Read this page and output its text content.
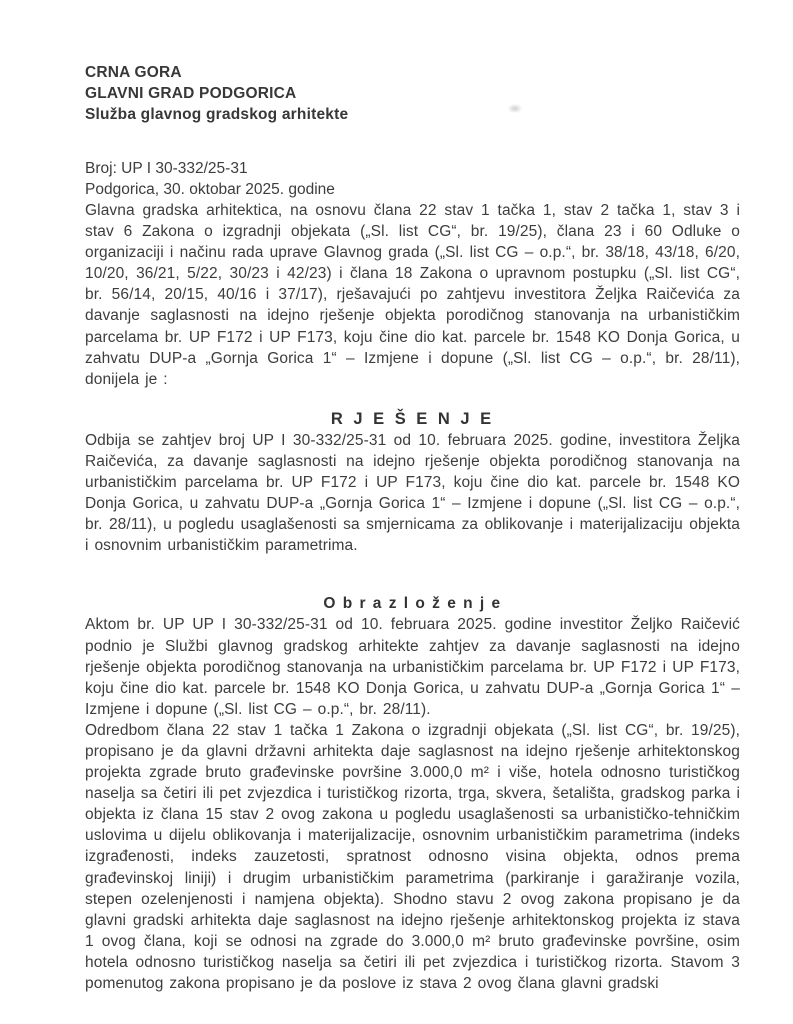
CRNA GORA
GLAVNI GRAD PODGORICA
Služba glavnog gradskog arhitekte
Broj: UP I 30-332/25-31
Podgorica, 30. oktobar 2025. godine

Glavna gradska arhitektica, na osnovu člana 22 stav 1 tačka 1, stav 2 tačka 1, stav 3 i stav 6 Zakona o izgradnji objekata („Sl. list CG“, br. 19/25), člana 23 i 60 Odluke o organizaciji i načinu rada uprave Glavnog grada („Sl. list CG – o.p.“, br. 38/18, 43/18, 6/20, 10/20, 36/21, 5/22, 30/23 i 42/23) i člana 18 Zakona o upravnom postupku („Sl. list CG“, br. 56/14, 20/15, 40/16 i 37/17), rješavajući po zahtjevu investitora Željka Raičevića za davanje saglasnosti na idejno rješenje objekta porodičnog stanovanja na urbanističkim parcelama br. UP F172 i UP F173, koju čine dio kat. parcele br. 1548 KO Donja Gorica, u zahvatu DUP-a „Gornja Gorica 1“ – Izmjene i dopune („Sl. list CG – o.p.“, br. 28/11), donijela je :

R J E Š E N J E

Odbija se zahtjev broj UP I 30-332/25-31 od 10. februara 2025. godine, investitora Željka Raičevića, za davanje saglasnosti na idejno rješenje objekta porodičnog stanovanja na urbanističkim parcelama br. UP F172 i UP F173, koju čine dio kat. parcele br. 1548 KO Donja Gorica, u zahvatu DUP-a „Gornja Gorica 1“ – Izmjene i dopune („Sl. list CG – o.p.“, br. 28/11), u pogledu usaglašenosti sa smjernicama za oblikovanje i materijalizaciju objekta i osnovnim urbanističkim parametrima.

O b r a z l o ž e n j e

Aktom br. UP UP I 30-332/25-31 od 10. februara 2025. godine investitor Željko Raičević podnio je Službi glavnog gradskog arhitekte zahtjev za davanje saglasnosti na idejno rješenje objekta porodičnog stanovanja na urbanističkim parcelama br. UP F172 i UP F173, koju čine dio kat. parcele br. 1548 KO Donja Gorica, u zahvatu DUP-a „Gornja Gorica 1“ – Izmjene i dopune („Sl. list CG – o.p.“, br. 28/11).

Odredbom člana 22 stav 1 tačka 1 Zakona o izgradnji objekata („Sl. list CG“, br. 19/25), propisano je da glavni državni arhitekta daje saglasnost na idejno rješenje arhitektonskog projekta zgrade bruto građevinske površine 3.000,0 m² i više, hotela odnosno turističkog naselja sa četiri ili pet zvjezdica i turističkog rizorta, trga, skvera, šetališta, gradskog parka i objekta iz člana 15 stav 2 ovog zakona u pogledu usaglašenosti sa urbanističko-tehničkim uslovima u dijelu oblikovanja i materijalizacije, osnovnim urbanističkim parametrima (indeks izgrađenosti, indeks zauzetosti, spratnost odnosno visina objekta, odnos prema građevinskoj liniji) i drugim urbanističkim parametrima (parkiranje i garažiranje vozila, stepen ozelenjenosti i namjena objekta). Shodno stavu 2 ovog zakona propisano je da glavni gradski arhitekta daje saglasnost na idejno rješenje arhitektonskog projekta iz stava 1 ovog člana, koji se odnosi na zgrade do 3.000,0 m² bruto građevinske površine, osim hotela odnosno turističkog naselja sa četiri ili pet zvjezdica i turističkog rizorta. Stavom 3 pomenutog zakona propisano je da poslove iz stava 2 ovog člana glavni gradski
